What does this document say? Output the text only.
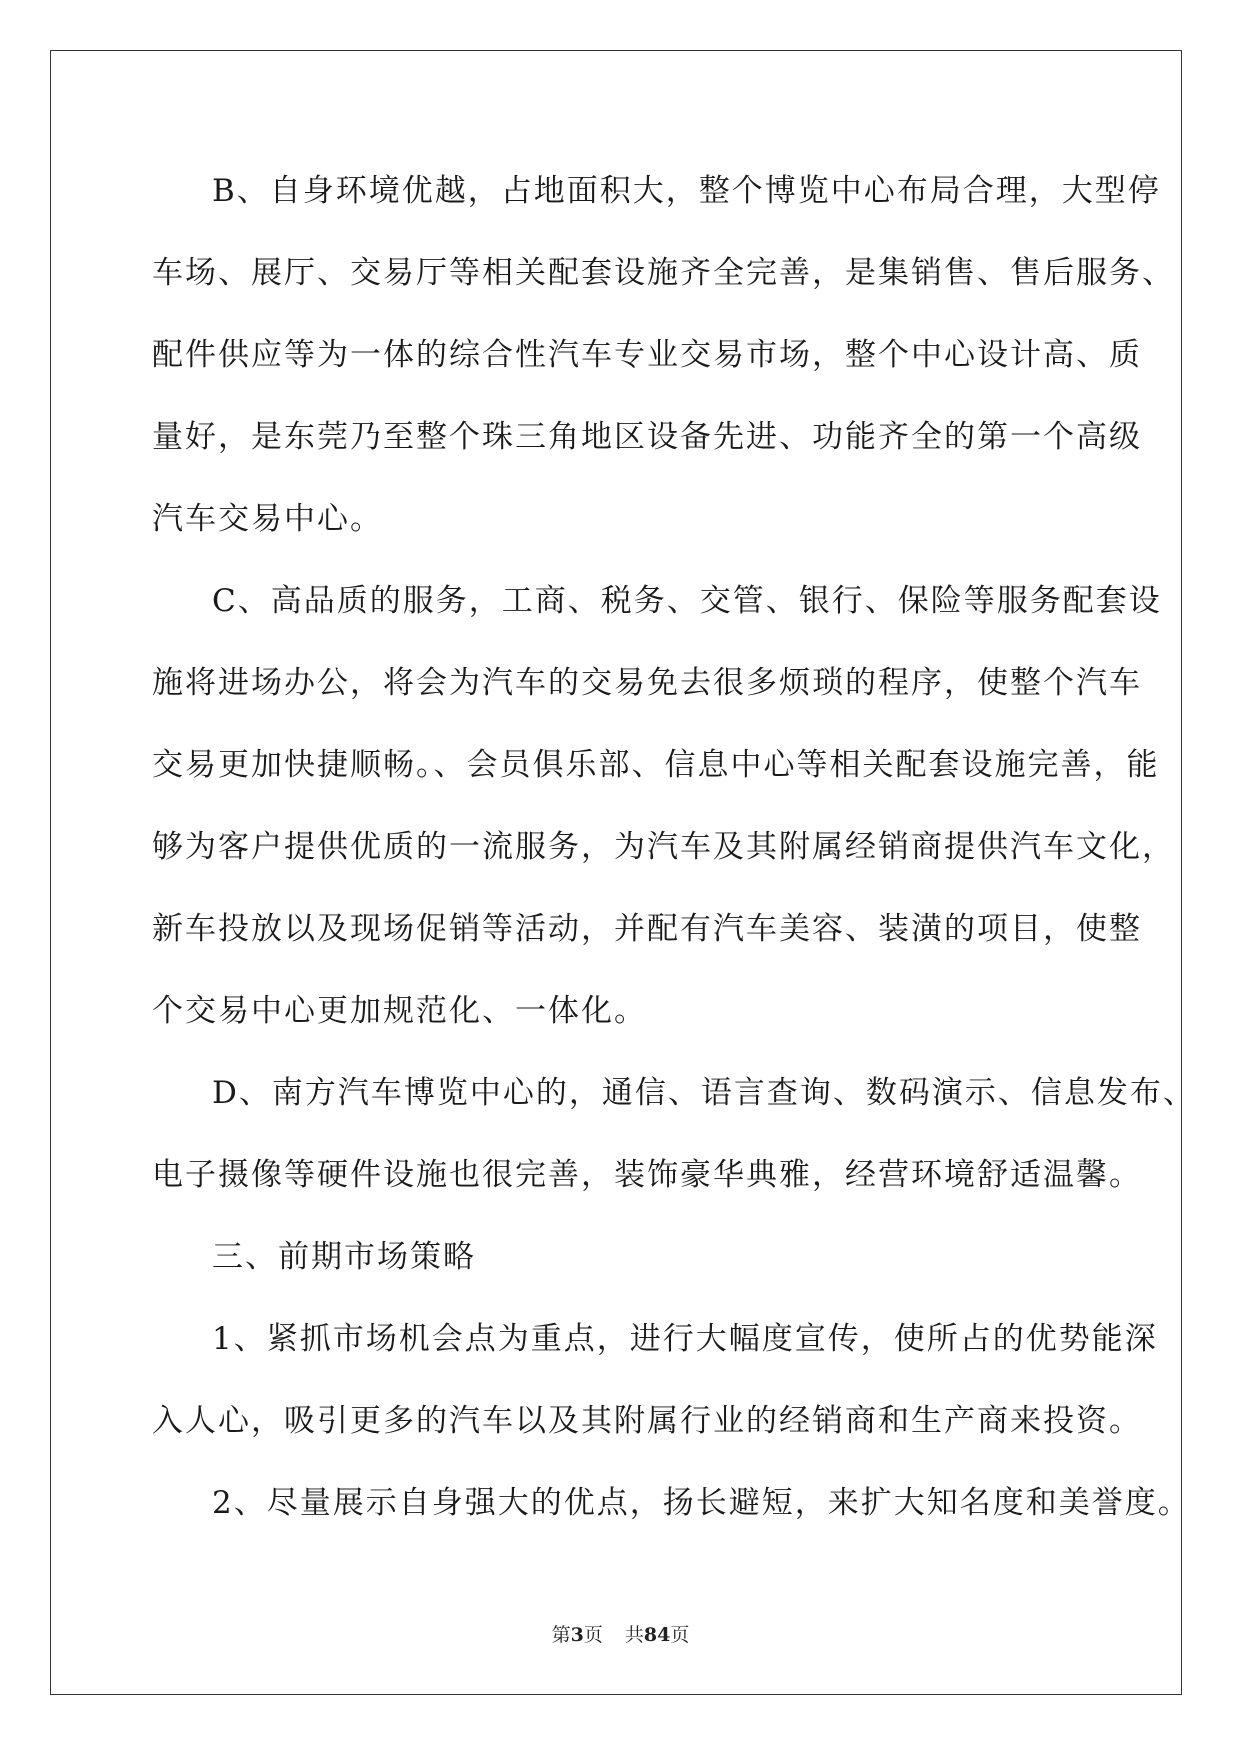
B、自身环境优越，占地面积大，整个博览中心布局合理，大型停
车场、展厅、交易厅等相关配套设施齐全完善，是集销售、售后服务、
配件供应等为一体的综合性汽车专业交易市场，整个中心设计高、质
量好，是东莞乃至整个珠三角地区设备先进、功能齐全的第一个高级
汽车交易中心。
C、高品质的服务，工商、税务、交管、银行、保险等服务配套设
施将进场办公，将会为汽车的交易免去很多烦琐的程序，使整个汽车
交易更加快捷顺畅。、会员俱乐部、信息中心等相关配套设施完善，能
够为客户提供优质的一流服务，为汽车及其附属经销商提供汽车文化，
新车投放以及现场促销等活动，并配有汽车美容、装潢的项目，使整
个交易中心更加规范化、一体化。
D、南方汽车博览中心的，通信、语言查询、数码演示、信息发布、
电子摄像等硬件设施也很完善，装饰豪华典雅，经营环境舒适温馨。
三、前期市场策略
1、紧抓市场机会点为重点，进行大幅度宣传，使所占的优势能深
入人心，吸引更多的汽车以及其附属行业的经销商和生产商来投资。
2、尽量展示自身强大的优点，扬长避短，来扩大知名度和美誉度。
第3页 共84页
